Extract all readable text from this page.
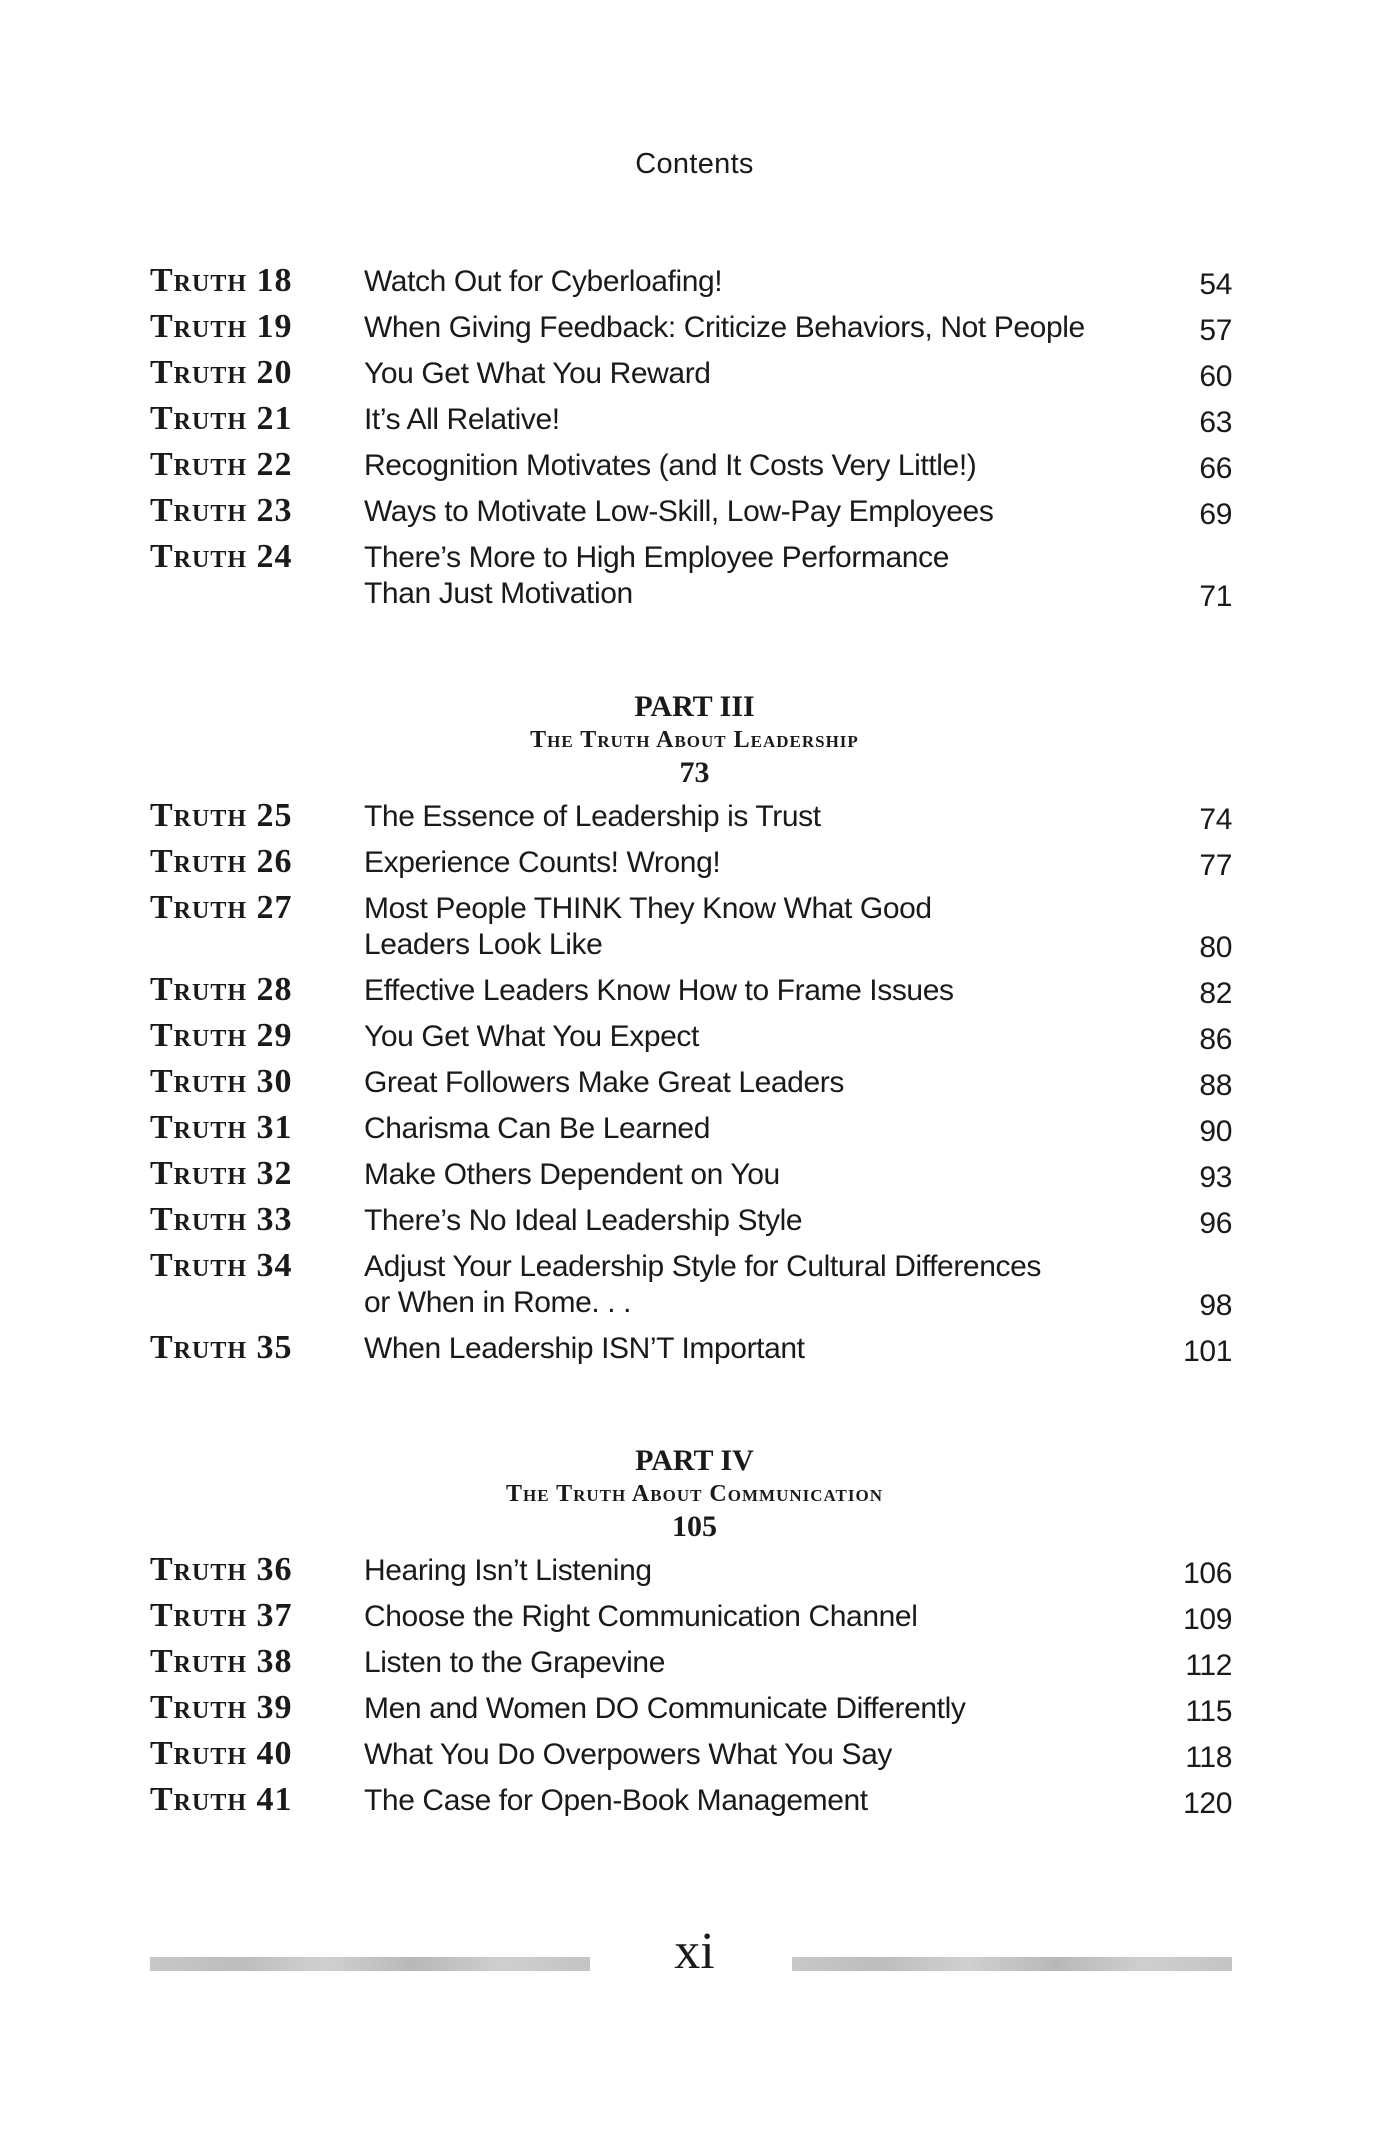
Contents
Truth 18	Watch Out for Cyberloafing!	54
Truth 19	When Giving Feedback: Criticize Behaviors, Not People	57
Truth 20	You Get What You Reward	60
Truth 21	It’s All Relative!	63
Truth 22	Recognition Motivates (and It Costs Very Little!)	66
Truth 23	Ways to Motivate Low-Skill, Low-Pay Employees	69
Truth 24	There’s More to High Employee Performance
Than Just Motivation	71
PART III
The Truth About Leadership
73
Truth 25	The Essence of Leadership is Trust	74
Truth 26	Experience Counts! Wrong!	77
Truth 27	Most People THINK They Know What Good
Leaders Look Like	80
Truth 28	Effective Leaders Know How to Frame Issues	82
Truth 29	You Get What You Expect	86
Truth 30	Great Followers Make Great Leaders	88
Truth 31	Charisma Can Be Learned	90
Truth 32	Make Others Dependent on You	93
Truth 33	There’s No Ideal Leadership Style	96
Truth 34	Adjust Your Leadership Style for Cultural Differences
or When in Rome. . .	98
Truth 35	When Leadership ISN’T Important	101
PART IV
The Truth About Communication
105
Truth 36	Hearing Isn’t Listening	106
Truth 37	Choose the Right Communication Channel	109
Truth 38	Listen to the Grapevine	112
Truth 39	Men and Women DO Communicate Differently	115
Truth 40	What You Do Overpowers What You Say	118
Truth 41	The Case for Open-Book Management	120
xi
